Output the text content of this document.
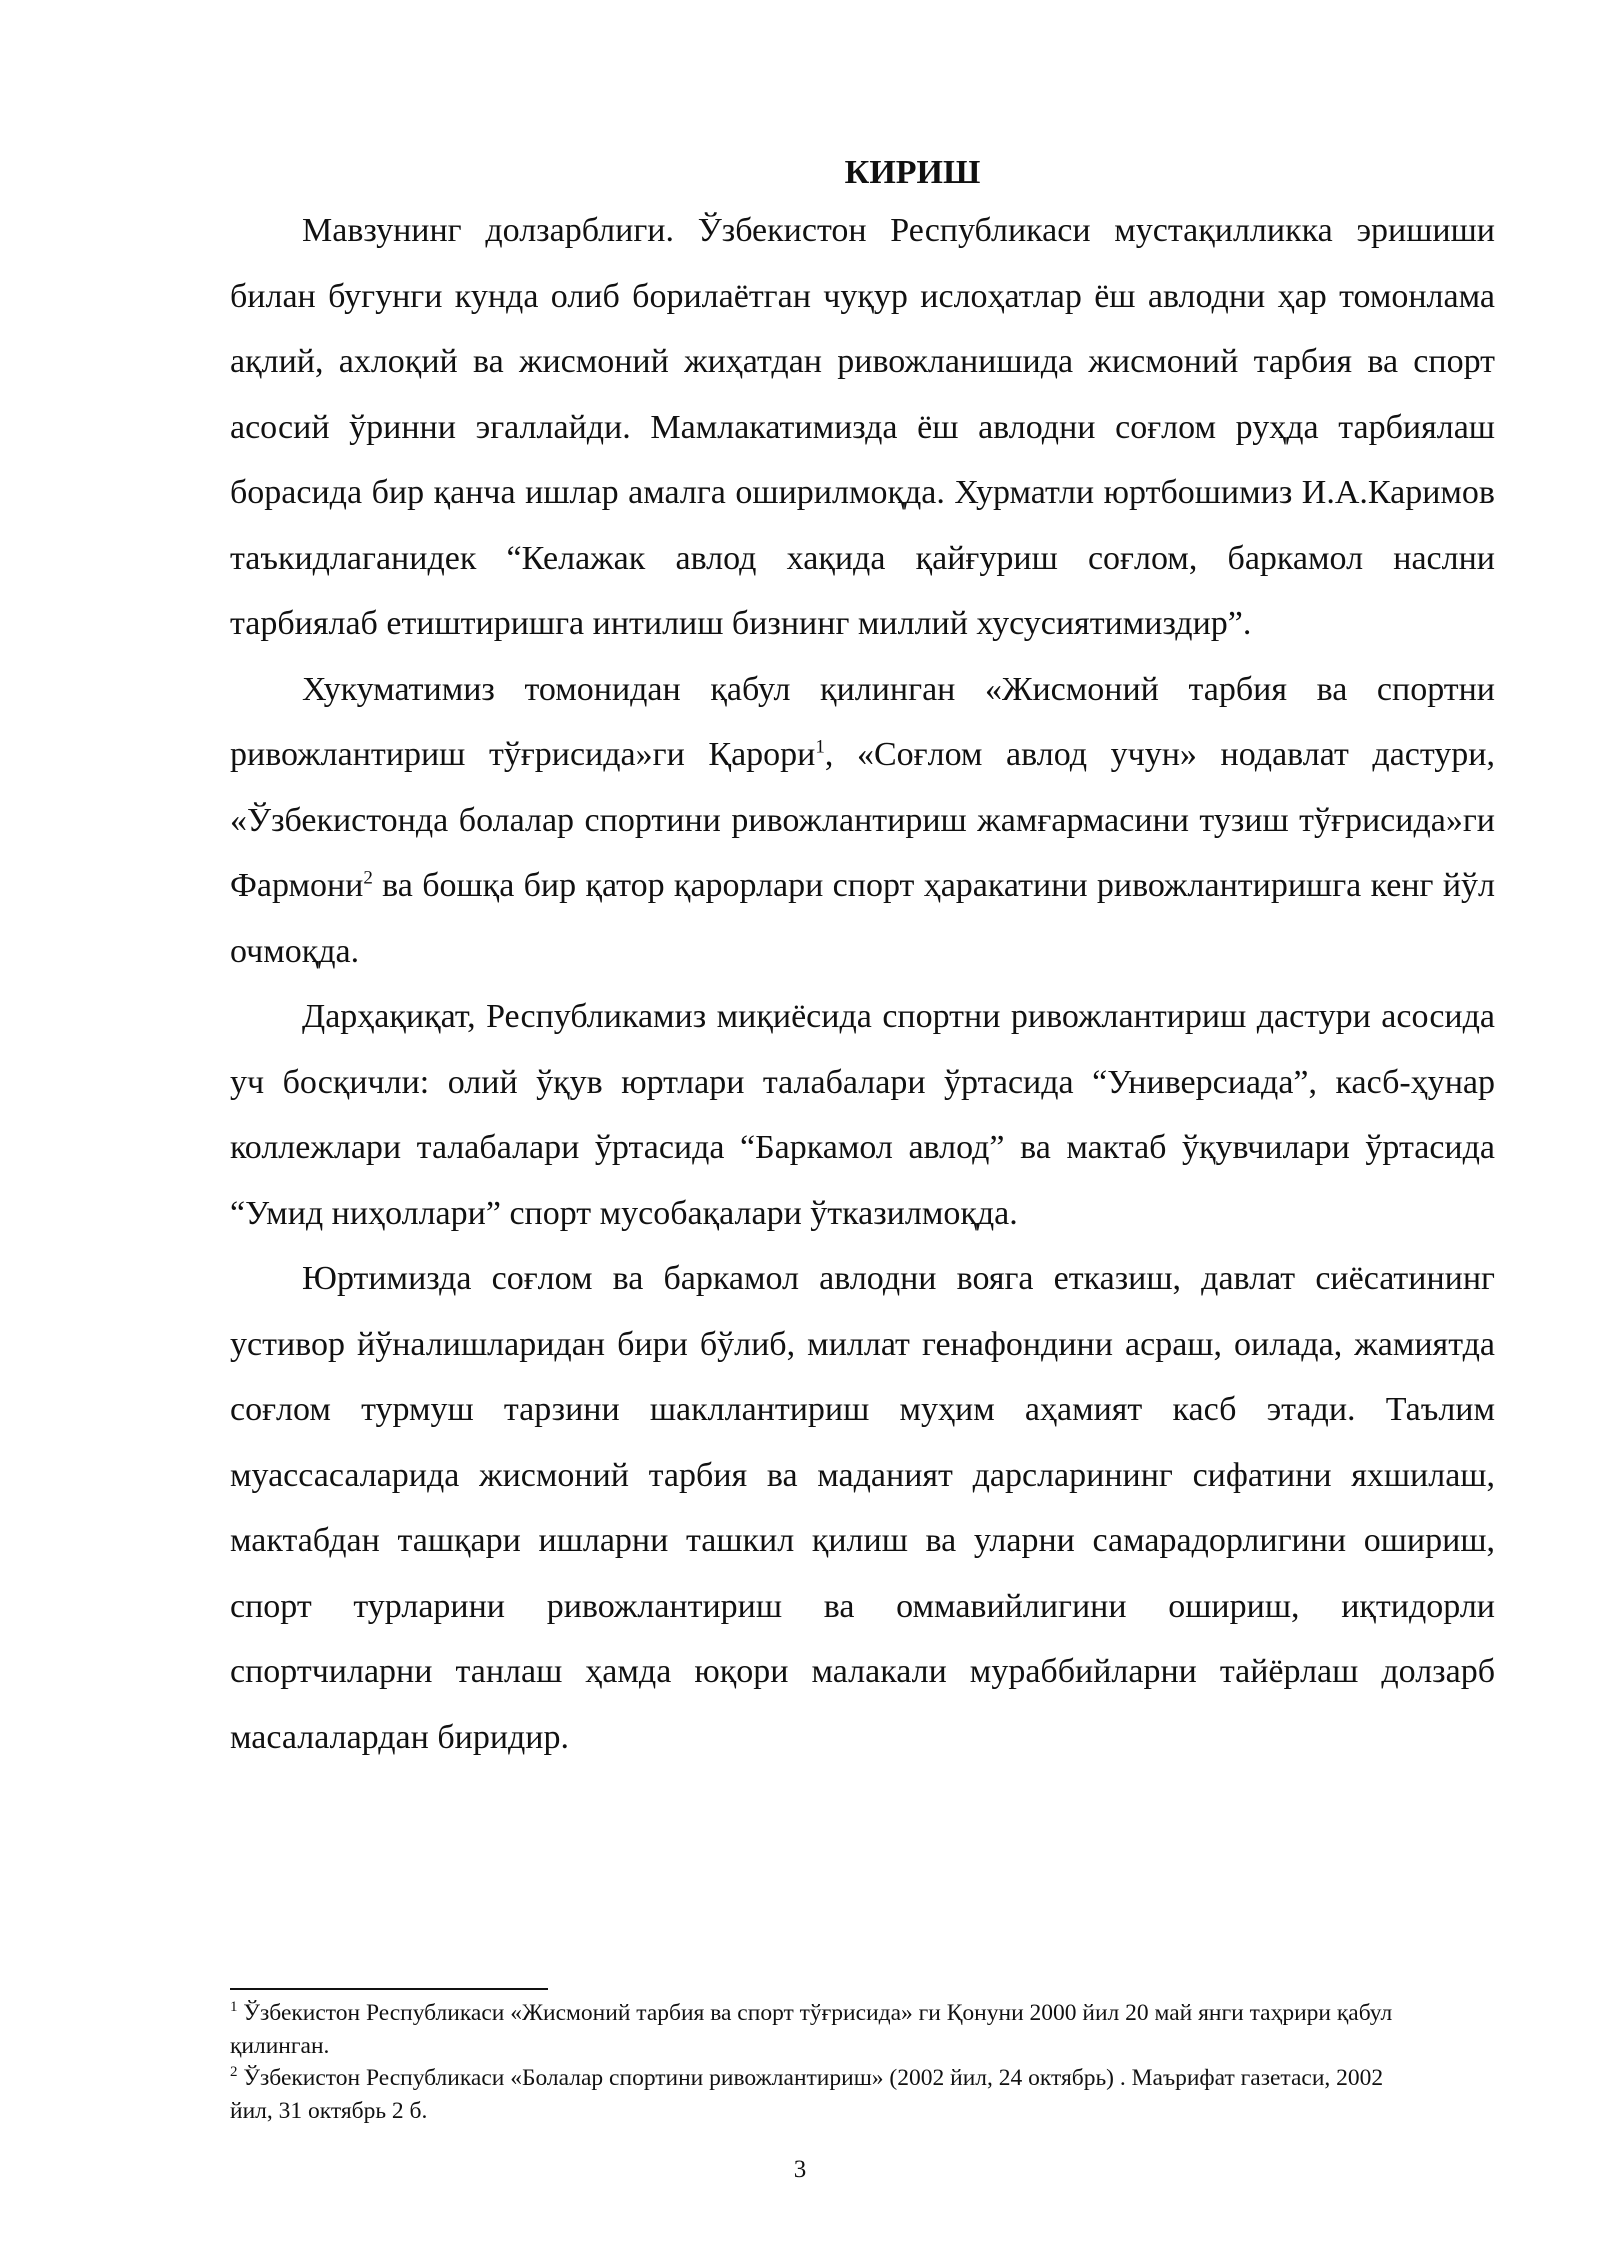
КИРИШ

Мавзунинг долзарблиги. Ўзбекистон Республикаси мустақилликка эришиши билан бугунги кунда олиб борилаётган чуқур ислоҳатлар ёш авлодни ҳар томонлама ақлий, ахлоқий ва жисмоний жиҳатдан ривожланишида жисмоний тарбия ва спорт асосий ўринни эгаллайди. Мамлакатимизда ёш авлодни соғлом руҳда тарбиялаш борасида бир қанча ишлар амалга оширилмоқда. Хурматли юртбошимиз И.А.Каримов таъкидлаганидек “Келажак авлод хақида қайғуриш соғлом, баркамол наслни тарбиялаб етиштиришга интилиш бизнинг миллий хусусиятимиздир”.

Хукуматимиз томонидан қабул қилинган «Жисмоний тарбия ва спортни ривожлантириш тўғрисида»ги Қарори$^1$, «Соғлом авлод учун» нодавлат дастури, «Ўзбекистонда болалар спортини ривожлантириш жамғармасини тузиш тўғрисида»ги Фармони$^2$ ва бошқа бир қатор қарорлари спорт ҳаракатини ривожлантиришга кенг йўл очмоқда.

Дарҳақиқат, Республикамиз миқиёсида спортни ривожлантириш дастури асосида уч босқичли: олий ўқув юртлари талабалари ўртасида “Универсиада”, касб-ҳунар коллежлари талабалари ўртасида “Баркамол авлод” ва мактаб ўқувчилари ўртасида “Умид ниҳоллари” спорт мусобақалари ўтказилмоқда.

Юртимизда соғлом ва баркамол авлодни вояга етказиш, давлат сиёсатининг устивор йўналишларидан бири бўлиб, миллат генафондини асраш, оилада, жамиятда соғлом турмуш тарзини шакллантириш муҳим аҳамият касб этади. Таълим муассасаларида жисмоний тарбия ва маданият дарсларининг сифатини яхшилаш, мактабдан ташқари ишларни ташкил қилиш ва уларни самарадорлигини ошириш, спорт турларини ривожлантириш ва оммавийлигини ошириш, иқтидорли спортчиларни танлаш ҳамда юқори малакали мураббийларни тайёрлаш долзарб масалалардан биридир.

$^1$ Ўзбекистон Республикаси «Жисмоний тарбия ва спорт тўғрисида» ги Қонуни 2000 йил 20 май янги таҳрири қабул қилинган.

$^2$ Ўзбекистон Республикаси «Болалар спортини ривожлантириш» (2002 йил, 24 октябрь) . Маърифат газетаси, 2002 йил, 31 октябрь 2 б.

3
